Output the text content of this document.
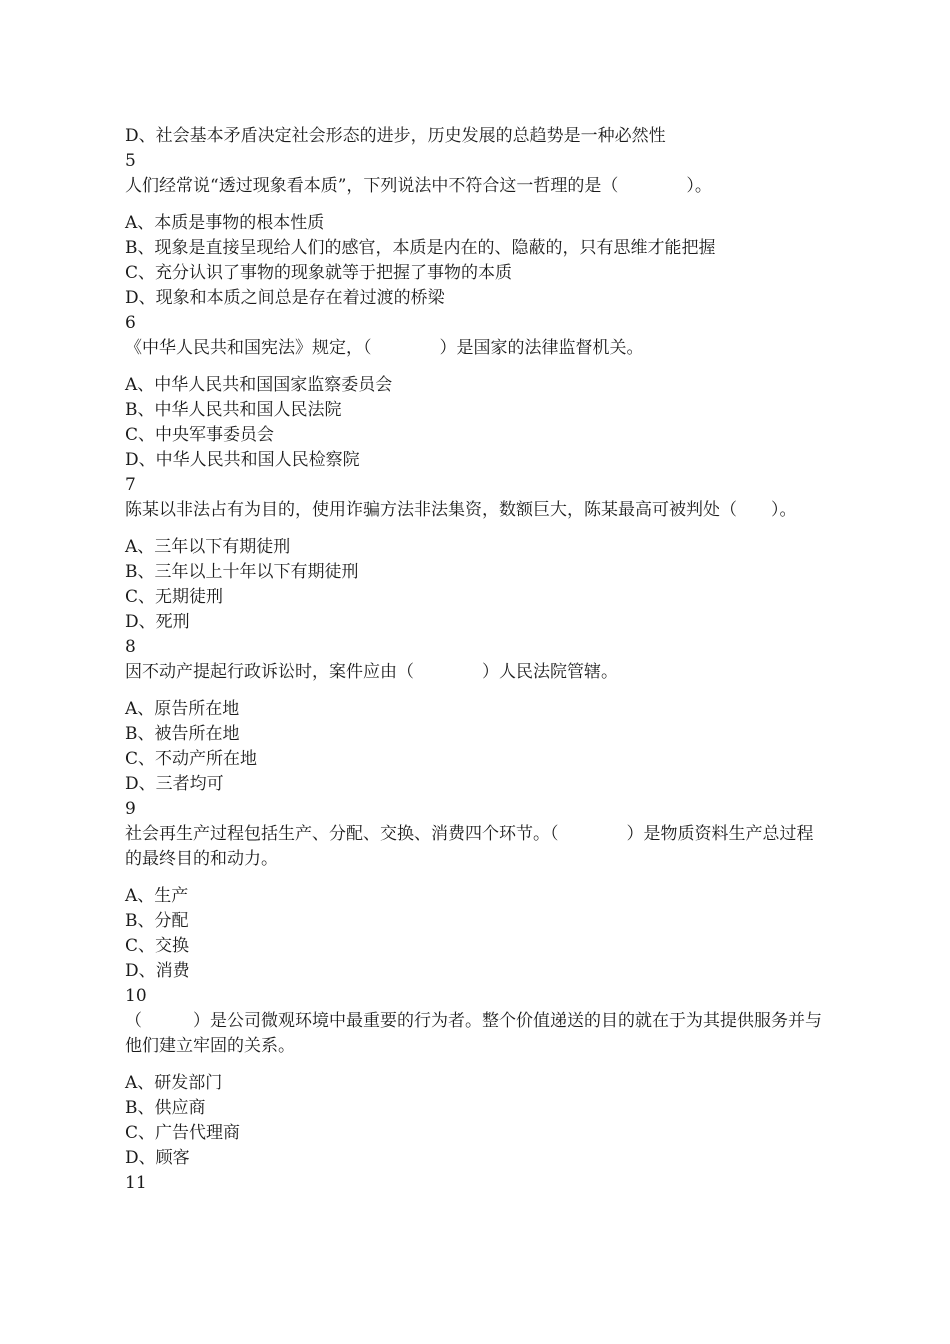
D、社会基本矛盾决定社会形态的进步，历史发展的总趋势是一种必然性
5
人们经常说“透过现象看本质”，下列说法中不符合这一哲理的是（　　　　）。
A、本质是事物的根本性质
B、现象是直接呈现给人们的感官，本质是内在的、隐蔽的，只有思维才能把握
C、充分认识了事物的现象就等于把握了事物的本质
D、现象和本质之间总是存在着过渡的桥梁
6
《中华人民共和国宪法》规定，（　　　　）是国家的法律监督机关。
A、中华人民共和国国家监察委员会
B、中华人民共和国人民法院
C、中央军事委员会
D、中华人民共和国人民检察院
7
陈某以非法占有为目的，使用诈骗方法非法集资，数额巨大，陈某最高可被判处（　　）。
A、三年以下有期徒刑
B、三年以上十年以下有期徒刑
C、无期徒刑
D、死刑
8
因不动产提起行政诉讼时，案件应由（　　　　）人民法院管辖。
A、原告所在地
B、被告所在地
C、不动产所在地
D、三者均可
9
社会再生产过程包括生产、分配、交换、消费四个环节。（　　　　）是物质资料生产总过程的最终目的和动力。
A、生产
B、分配
C、交换
D、消费
10
（　　　）是公司微观环境中最重要的行为者。整个价值递送的目的就在于为其提供服务并与他们建立牢固的关系。
A、研发部门
B、供应商
C、广告代理商
D、顾客
11
